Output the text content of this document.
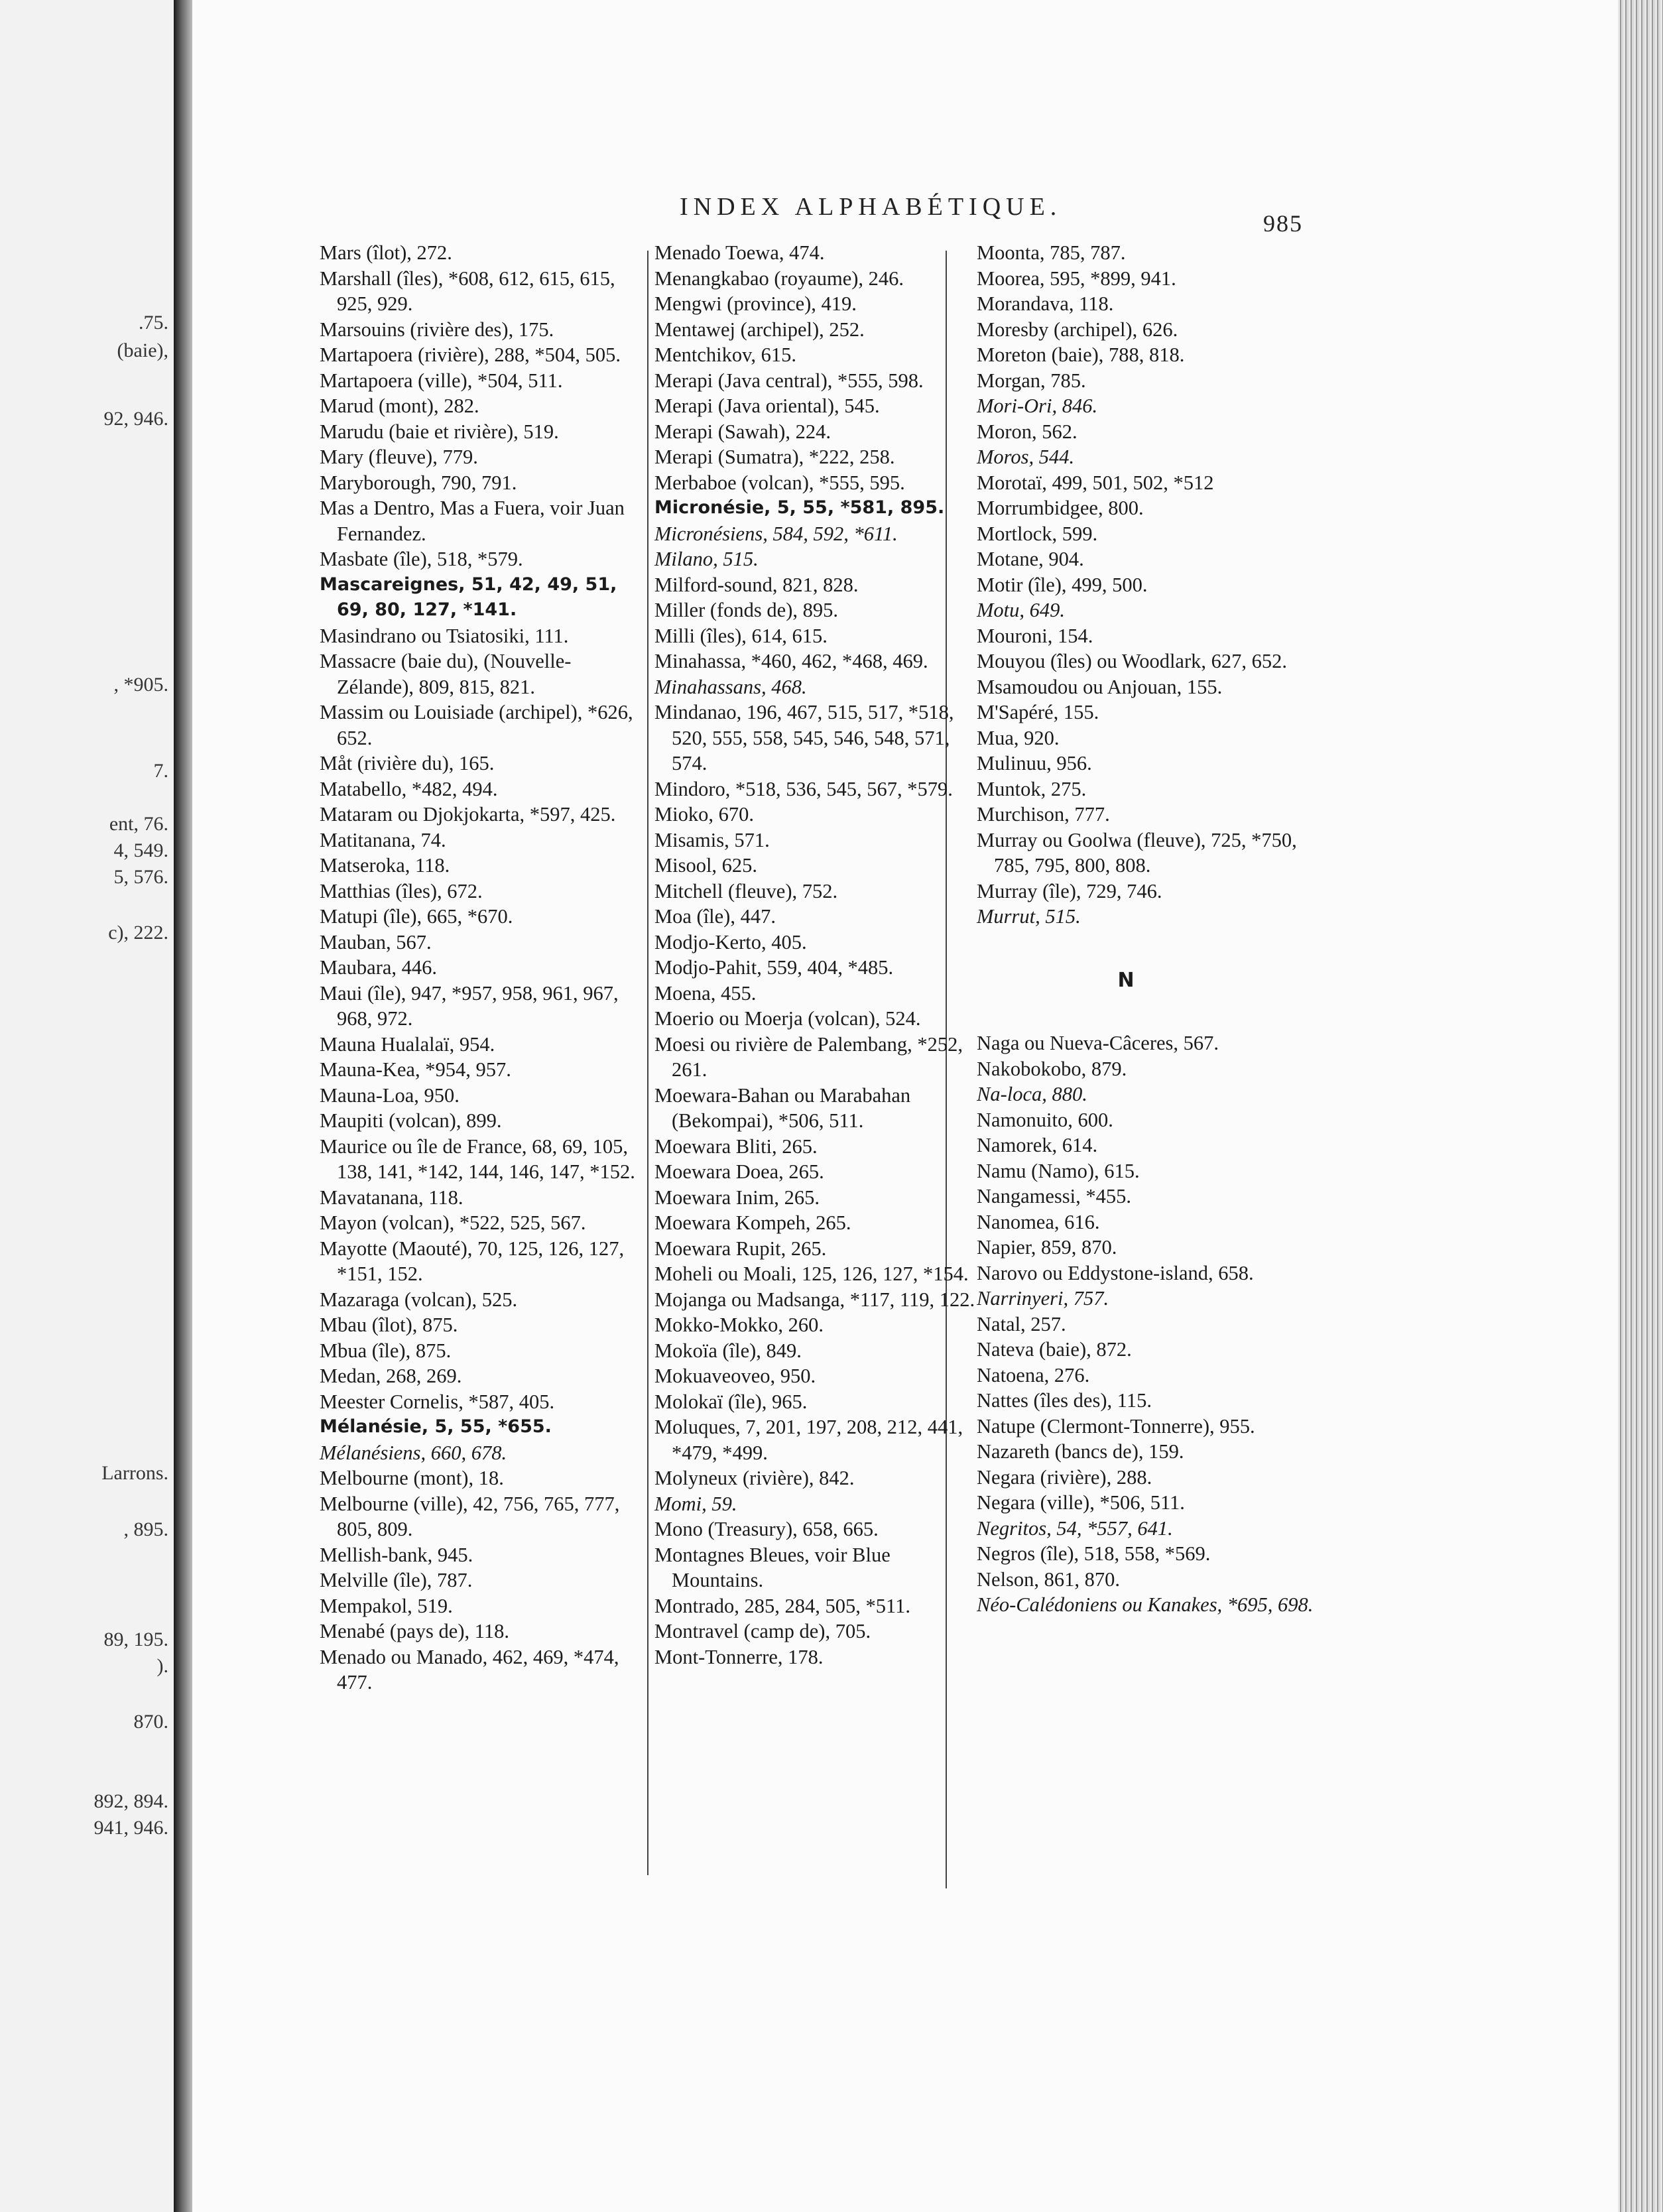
.75.
(baie),
92, 946.
, *905.
7.
ent, 76.
4, 549.
5, 576.
c), 222.
Larrons.
, 895.
89, 195.
).
870.
892, 894.
941, 946.
INDEX ALPHABÉTIQUE.
985
Mars (îlot), 272.
Marshall (îles), *608, 612, 615, 615, 925, 929.
Marsouins (rivière des), 175.
Martapoera (rivière), 288, *504, 505.
Martapoera (ville), *504, 511.
Marud (mont), 282.
Marudu (baie et rivière), 519.
Mary (fleuve), 779.
Maryborough, 790, 791.
Mas a Dentro, Mas a Fuera, voir Juan Fernandez.
Masbate (île), 518, *579.
Mascareignes, 51, 42, 49, 51, 69, 80, 127, *141.
Masindrano ou Tsiatosiki, 111.
Massacre (baie du), (Nouvelle-Zélande), 809, 815, 821.
Massim ou Louisiade (archipel), *626, 652.
Måt (rivière du), 165.
Matabello, *482, 494.
Mataram ou Djokjokarta, *597, 425.
Matitanana, 74.
Matseroka, 118.
Matthias (îles), 672.
Matupi (île), 665, *670.
Mauban, 567.
Maubara, 446.
Maui (île), 947, *957, 958, 961, 967, 968, 972.
Mauna Hualalaï, 954.
Mauna-Kea, *954, 957.
Mauna-Loa, 950.
Maupiti (volcan), 899.
Maurice ou île de France, 68, 69, 105, 138, 141, *142, 144, 146, 147, *152.
Mavatanana, 118.
Mayon (volcan), *522, 525, 567.
Mayotte (Maouté), 70, 125, 126, 127, *151, 152.
Mazaraga (volcan), 525.
Mbau (îlot), 875.
Mbua (île), 875.
Medan, 268, 269.
Meester Cornelis, *587, 405.
Mélanésie, 5, 55, *655.
Mélanésiens, 660, 678.
Melbourne (mont), 18.
Melbourne (ville), 42, 756, 765, 777, 805, 809.
Mellish-bank, 945.
Melville (île), 787.
Mempakol, 519.
Menabé (pays de), 118.
Menado ou Manado, 462, 469, *474, 477.
Menado Toewa, 474.
Menangkabao (royaume), 246.
Mengwi (province), 419.
Mentawej (archipel), 252.
Mentchikov, 615.
Merapi (Java central), *555, 598.
Merapi (Java oriental), 545.
Merapi (Sawah), 224.
Merapi (Sumatra), *222, 258.
Merbaboe (volcan), *555, 595.
Micronésie, 5, 55, *581, 895.
Micronésiens, 584, 592, *611.
Milano, 515.
Milford-sound, 821, 828.
Miller (fonds de), 895.
Milli (îles), 614, 615.
Minahassa, *460, 462, *468, 469.
Minahassans, 468.
Mindanao, 196, 467, 515, 517, *518, 520, 555, 558, 545, 546, 548, 571, 574.
Mindoro, *518, 536, 545, 567, *579.
Mioko, 670.
Misamis, 571.
Misool, 625.
Mitchell (fleuve), 752.
Moa (île), 447.
Modjo-Kerto, 405.
Modjo-Pahit, 559, 404, *485.
Moena, 455.
Moerio ou Moerja (volcan), 524.
Moesi ou rivière de Palembang, *252, 261.
Moewara-Bahan ou Marabahan (Bekompai), *506, 511.
Moewara Bliti, 265.
Moewara Doea, 265.
Moewara Inim, 265.
Moewara Kompeh, 265.
Moewara Rupit, 265.
Moheli ou Moali, 125, 126, 127, *154.
Mojanga ou Madsanga, *117, 119, 122.
Mokko-Mokko, 260.
Mokoïa (île), 849.
Mokuaveoveo, 950.
Molokaï (île), 965.
Moluques, 7, 201, 197, 208, 212, 441, *479, *499.
Molyneux (rivière), 842.
Momi, 59.
Mono (Treasury), 658, 665.
Montagnes Bleues, voir Blue Mountains.
Montrado, 285, 284, 505, *511.
Montravel (camp de), 705.
Mont-Tonnerre, 178.
Moonta, 785, 787.
Moorea, 595, *899, 941.
Morandava, 118.
Moresby (archipel), 626.
Moreton (baie), 788, 818.
Morgan, 785.
Mori-Ori, 846.
Moron, 562.
Moros, 544.
Morotaï, 499, 501, 502, *512
Morrumbidgee, 800.
Mortlock, 599.
Motane, 904.
Motir (île), 499, 500.
Motu, 649.
Mouroni, 154.
Mouyou (îles) ou Woodlark, 627, 652.
Msamoudou ou Anjouan, 155.
M'Sapéré, 155.
Mua, 920.
Mulinuu, 956.
Muntok, 275.
Murchison, 777.
Murray ou Goolwa (fleuve), 725, *750, 785, 795, 800, 808.
Murray (île), 729, 746.
Murrut, 515.
N
Naga ou Nueva-Câceres, 567.
Nakobokobo, 879.
Na-loca, 880.
Namonuito, 600.
Namorek, 614.
Namu (Namo), 615.
Nangamessi, *455.
Nanomea, 616.
Napier, 859, 870.
Narovo ou Eddystone-island, 658.
Narrinyeri, 757.
Natal, 257.
Nateva (baie), 872.
Natoena, 276.
Nattes (îles des), 115.
Natupe (Clermont-Tonnerre), 955.
Nazareth (bancs de), 159.
Negara (rivière), 288.
Negara (ville), *506, 511.
Negritos, 54, *557, 641.
Negros (île), 518, 558, *569.
Nelson, 861, 870.
Néo-Calédoniens ou Kanakes, *695, 698.
